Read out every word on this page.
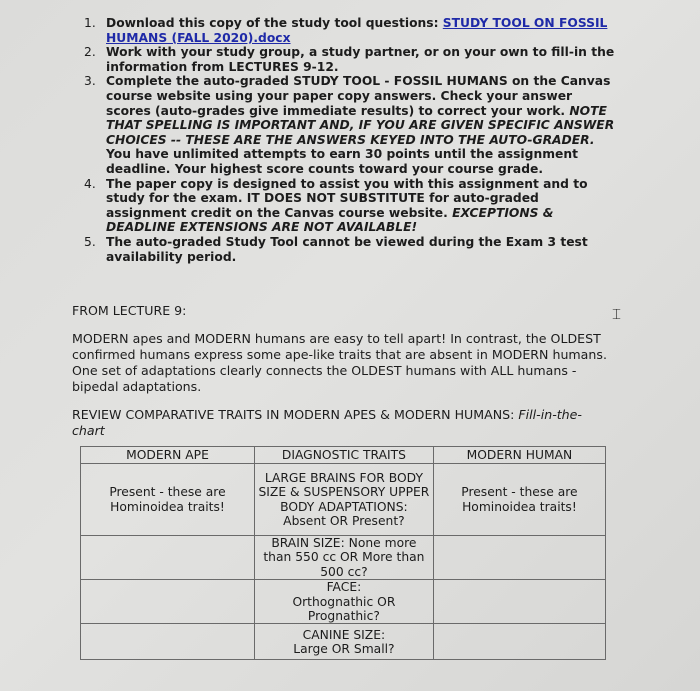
1. Download this copy of the study tool questions: STUDY TOOL ON FOSSIL HUMANS (FALL 2020).docx
2. Work with your study group, a study partner, or on your own to fill-in the information from LECTURES 9-12.
3. Complete the auto-graded STUDY TOOL - FOSSIL HUMANS on the Canvas course website using your paper copy answers. Check your answer scores (auto-grades give immediate results) to correct your work. NOTE THAT SPELLING IS IMPORTANT AND, IF YOU ARE GIVEN SPECIFIC ANSWER CHOICES -- THESE ARE THE ANSWERS KEYED INTO THE AUTO-GRADER. You have unlimited attempts to earn 30 points until the assignment deadline. Your highest score counts toward your course grade.
4. The paper copy is designed to assist you with this assignment and to study for the exam. IT DOES NOT SUBSTITUTE for auto-graded assignment credit on the Canvas course website. EXCEPTIONS & DEADLINE EXTENSIONS ARE NOT AVAILABLE!
5. The auto-graded Study Tool cannot be viewed during the Exam 3 test availability period.

FROM LECTURE 9:

MODERN apes and MODERN humans are easy to tell apart! In contrast, the OLDEST confirmed humans express some ape-like traits that are absent in MODERN humans. One set of adaptations clearly connects the OLDEST humans with ALL humans - bipedal adaptations.

REVIEW COMPARATIVE TRAITS IN MODERN APES & MODERN HUMANS: Fill-in-the-chart

⌶
MODERN APE	DIAGNOSTIC TRAITS	MODERN HUMAN
Present - these are Hominoidea traits!	LARGE BRAINS FOR BODY SIZE & SUSPENSORY UPPER BODY ADAPTATIONS: Absent OR Present?	Present - these are Hominoidea traits!
	BRAIN SIZE: None more than 550 cc OR More than 500 cc?	
	FACE: Orthognathic OR Prognathic?	
	CANINE SIZE: Large OR Small?	
